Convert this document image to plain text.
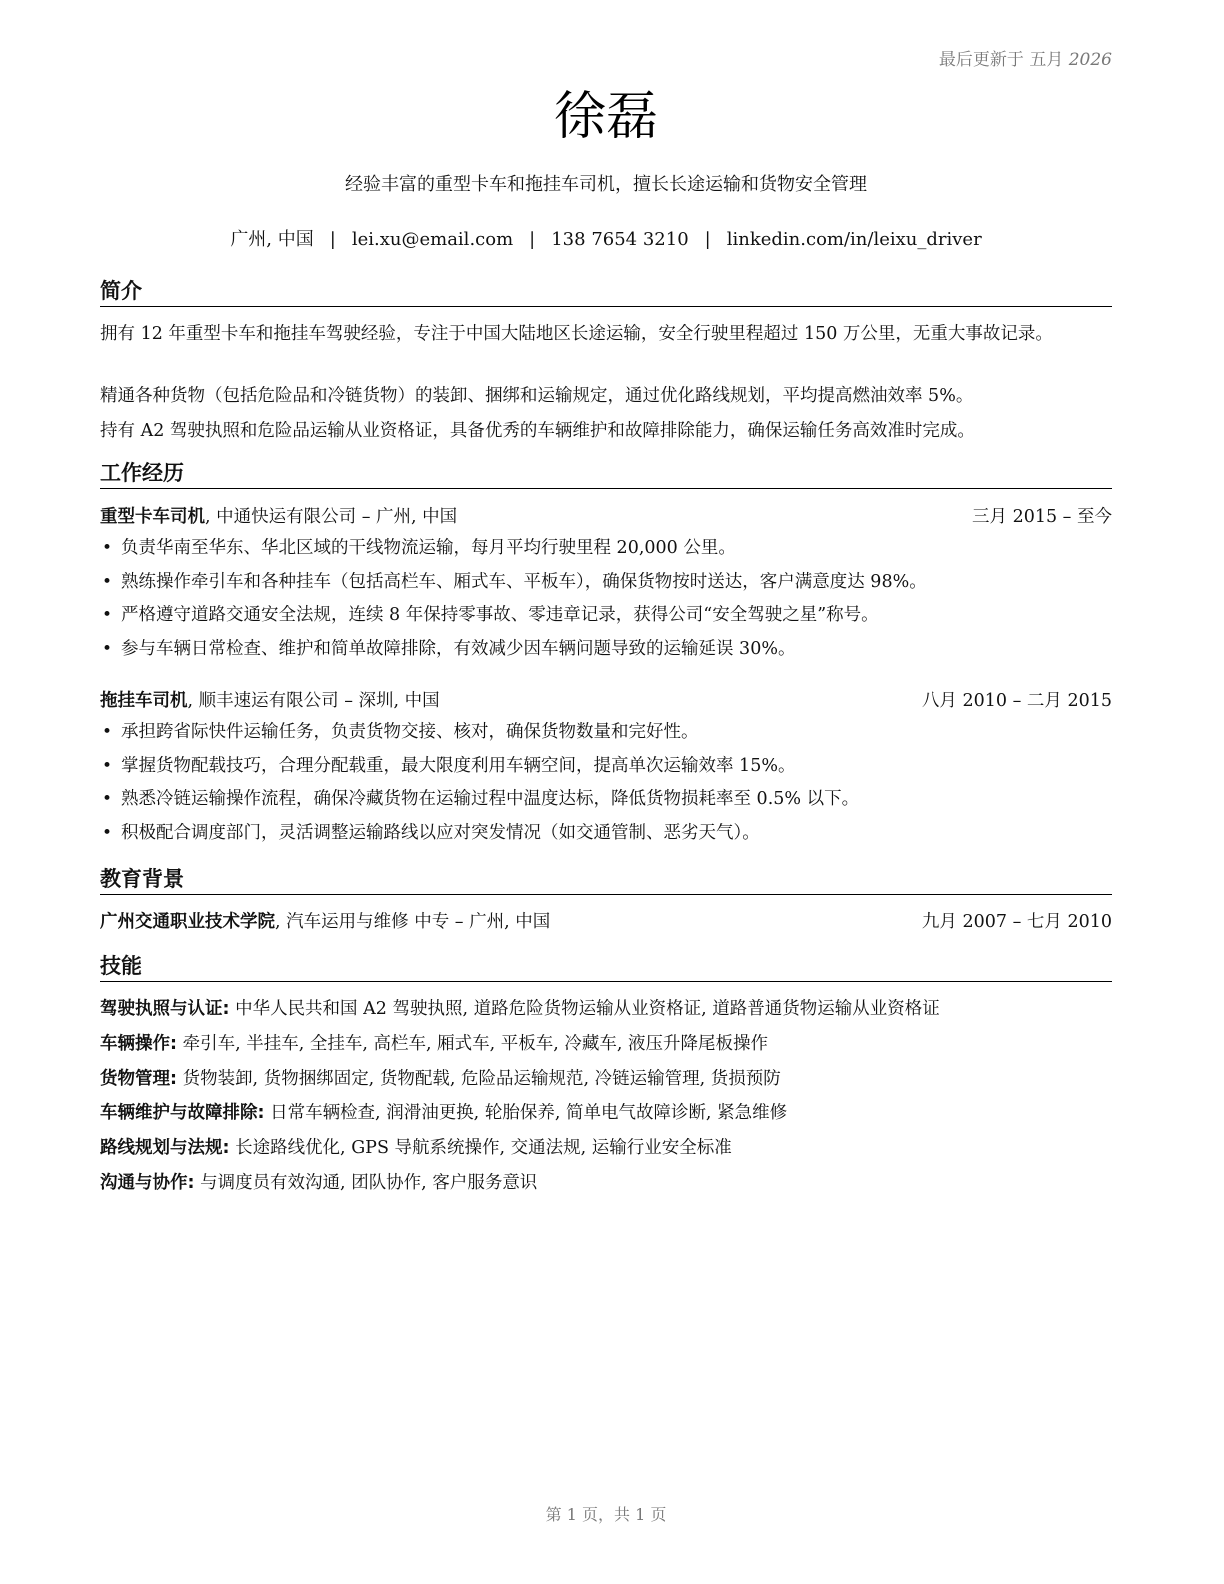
最后更新于 五月 2026
徐磊
经验丰富的重型卡车和拖挂车司机，擅长长途运输和货物安全管理
广州, 中国 | lei.xu@email.com | 138 7654 3210 | linkedin.com/in/leixu_driver
简介
拥有 12 年重型卡车和拖挂车驾驶经验，专注于中国大陆地区长途运输，安全行驶里程超过 150 万公里，无重大事故记录。
精通各种货物（包括危险品和冷链货物）的装卸、捆绑和运输规定，通过优化路线规划，平均提高燃油效率 5%。
持有 A2 驾驶执照和危险品运输从业资格证，具备优秀的车辆维护和故障排除能力，确保运输任务高效准时完成。
工作经历
重型卡车司机, 中通快运有限公司 – 广州, 中国	三月 2015 – 至今
• 负责华南至华东、华北区域的干线物流运输，每月平均行驶里程 20,000 公里。
• 熟练操作牵引车和各种挂车（包括高栏车、厢式车、平板车），确保货物按时送达，客户满意度达 98%。
• 严格遵守道路交通安全法规，连续 8 年保持零事故、零违章记录，获得公司“安全驾驶之星”称号。
• 参与车辆日常检查、维护和简单故障排除，有效减少因车辆问题导致的运输延误 30%。
拖挂车司机, 顺丰速运有限公司 – 深圳, 中国	八月 2010 – 二月 2015
• 承担跨省际快件运输任务，负责货物交接、核对，确保货物数量和完好性。
• 掌握货物配载技巧，合理分配载重，最大限度利用车辆空间，提高单次运输效率 15%。
• 熟悉冷链运输操作流程，确保冷藏货物在运输过程中温度达标，降低货物损耗率至 0.5% 以下。
• 积极配合调度部门，灵活调整运输路线以应对突发情况（如交通管制、恶劣天气）。
教育背景
广州交通职业技术学院, 汽车运用与维修 中专 – 广州, 中国	九月 2007 – 七月 2010
技能
驾驶执照与认证: 中华人民共和国 A2 驾驶执照, 道路危险货物运输从业资格证, 道路普通货物运输从业资格证
车辆操作: 牵引车, 半挂车, 全挂车, 高栏车, 厢式车, 平板车, 冷藏车, 液压升降尾板操作
货物管理: 货物装卸, 货物捆绑固定, 货物配载, 危险品运输规范, 冷链运输管理, 货损预防
车辆维护与故障排除: 日常车辆检查, 润滑油更换, 轮胎保养, 简单电气故障诊断, 紧急维修
路线规划与法规: 长途路线优化, GPS 导航系统操作, 交通法规, 运输行业安全标准
沟通与协作: 与调度员有效沟通, 团队协作, 客户服务意识
第 1 页，共 1 页
